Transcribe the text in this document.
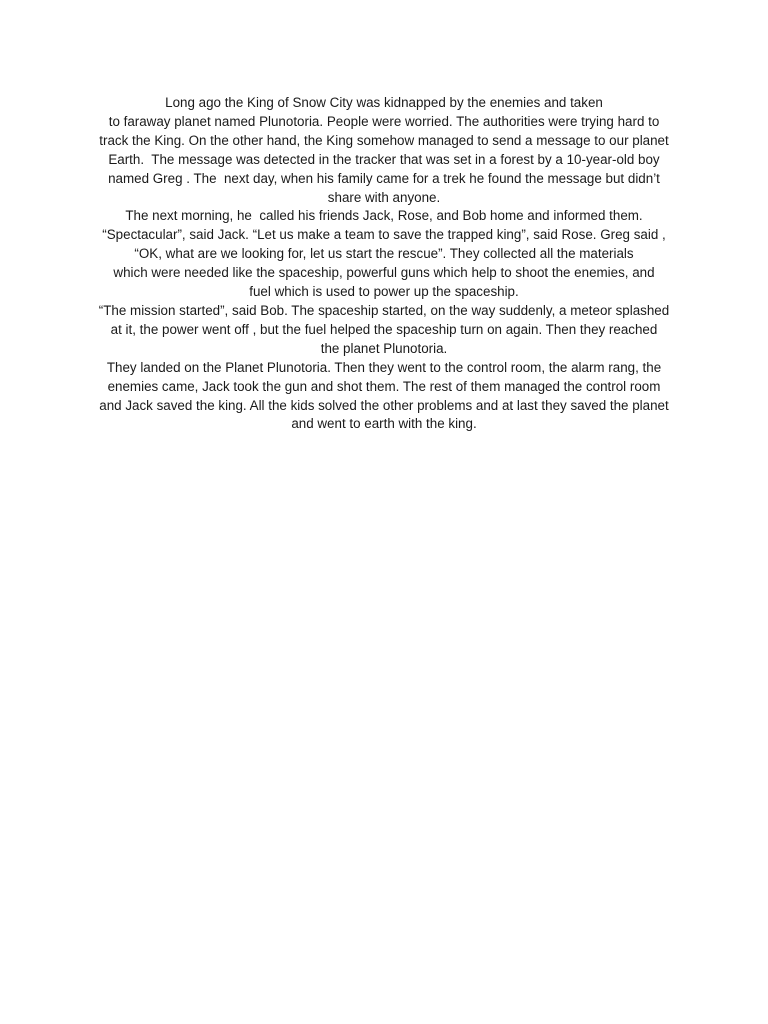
Long ago the King of Snow City was kidnapped by the enemies and taken
to faraway planet named Plunotoria. People were worried. The authorities were trying hard to
track the King. On the other hand, the King somehow managed to send a message to our planet
Earth.  The message was detected in the tracker that was set in a forest by a 10-year-old boy
named Greg . The  next day, when his family came for a trek he found the message but didn’t
share with anyone.
The next morning, he  called his friends Jack, Rose, and Bob home and informed them.
“Spectacular”, said Jack. “Let us make a team to save the trapped king”, said Rose. Greg said ,
“OK, what are we looking for, let us start the rescue”. They collected all the materials
which were needed like the spaceship, powerful guns which help to shoot the enemies, and
fuel which is used to power up the spaceship.
“The mission started”, said Bob. The spaceship started, on the way suddenly, a meteor splashed
at it, the power went off , but the fuel helped the spaceship turn on again. Then they reached
the planet Plunotoria.
They landed on the Planet Plunotoria. Then they went to the control room, the alarm rang, the
enemies came, Jack took the gun and shot them. The rest of them managed the control room
and Jack saved the king. All the kids solved the other problems and at last they saved the planet
and went to earth with the king.
